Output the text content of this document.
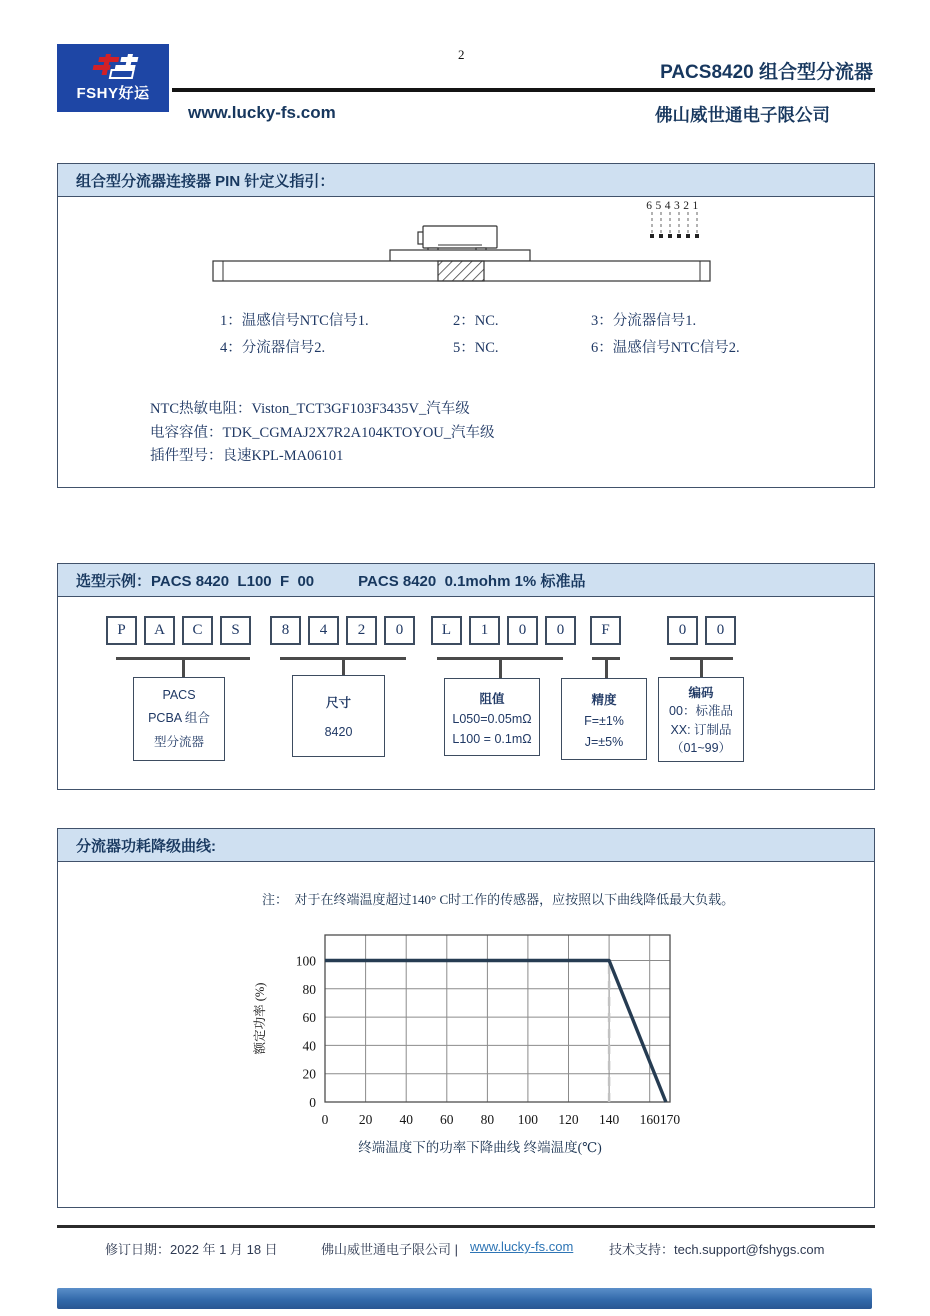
FSHY好运
2
PACS8420 组合型分流器
www.lucky-fs.com	佛山威世通电子限公司
组合型分流器连接器 PIN 针定义指引：
654321
1：温感信号NTC信号1.	2：NC.	3：分流器信号1.
4：分流器信号2.	5：NC.	6：温感信号NTC信号2.
NTC热敏电阻：Viston_TCT3GF103F3435V_汽车级
电容容值：TDK_CGMAJ2X7R2A104KTOYOU_汽车级
插件型号：良速KPL-MA06101
选型示例：PACS 8420  L100  F  00	PACS 8420  0.1mohm 1% 标准品
P	A	C	S
PACS
PCBA 组合
型分流器
8	4	2	0
尺寸
8420
L	1	0	0
阻值
L050=0.05mΩ
L100 = 0.1mΩ
F
精度
F=±1%
J=±5%
0	0
编码
00：标准品
XX: 订制品
（01~99）
分流器功耗降级曲线:
注：  对于在终端温度超过140° C时工作的传感器，应按照以下曲线降低最大负载。
0 20 40 60 80 100 120 140 160 170
0
20
40
60
80
100
额定功率 (%)
终端温度下的功率下降曲线 终端温度(℃)
修订日期：2022 年 1 月 18 日	佛山威世通电子限公司 | www.lucky-fs.com	技术支持：tech.support@fshygs.com
